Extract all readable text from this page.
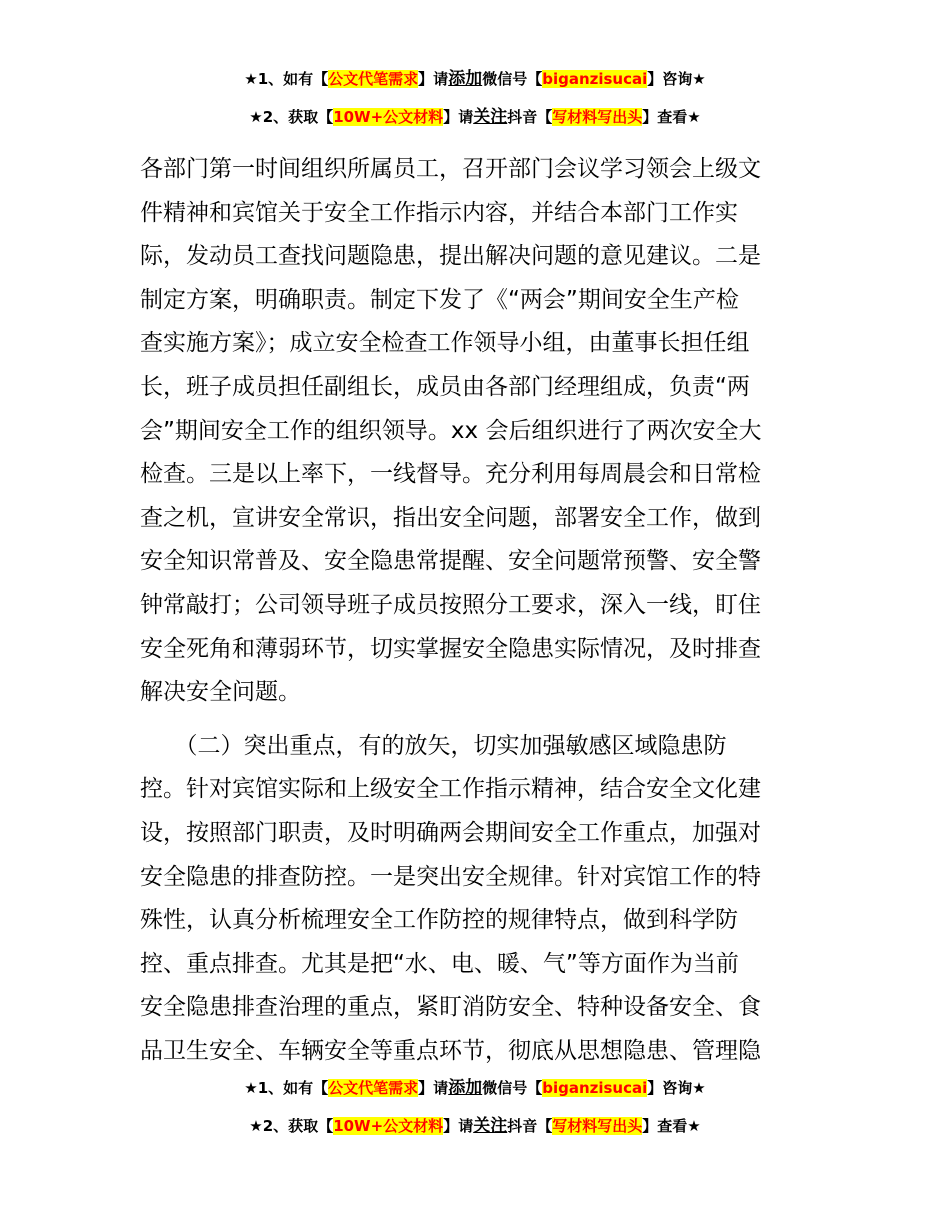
★1、如有【公文代笔需求】请添加微信号【biganzisucai】咨询★
★2、获取【10W+公文材料】请关注抖音【写材料写出头】查看★

各部门第一时间组织所属员工，召开部门会议学习领会上级文
件精神和宾馆关于安全工作指示内容，并结合本部门工作实
际，发动员工查找问题隐患，提出解决问题的意见建议。二是
制定方案，明确职责。制定下发了《“两会”期间安全生产检
查实施方案》；成立安全检查工作领导小组，由董事长担任组
长，班子成员担任副组长，成员由各部门经理组成，负责“两
会”期间安全工作的组织领导。xx 会后组织进行了两次安全大
检查。三是以上率下，一线督导。充分利用每周晨会和日常检
查之机，宣讲安全常识，指出安全问题，部署安全工作，做到
安全知识常普及、安全隐患常提醒、安全问题常预警、安全警
钟常敲打；公司领导班子成员按照分工要求，深入一线，盯住
安全死角和薄弱环节，切实掌握安全隐患实际情况，及时排查
解决安全问题。

　　（二）突出重点，有的放矢，切实加强敏感区域隐患防
控。针对宾馆实际和上级安全工作指示精神，结合安全文化建
设，按照部门职责，及时明确两会期间安全工作重点，加强对
安全隐患的排查防控。一是突出安全规律。针对宾馆工作的特
殊性，认真分析梳理安全工作防控的规律特点，做到科学防
控、重点排查。尤其是把“水、电、暖、气”等方面作为当前
安全隐患排查治理的重点，紧盯消防安全、特种设备安全、食
品卫生安全、车辆安全等重点环节，彻底从思想隐患、管理隐

★1、如有【公文代笔需求】请添加微信号【biganzisucai】咨询★
★2、获取【10W+公文材料】请关注抖音【写材料写出头】查看★
